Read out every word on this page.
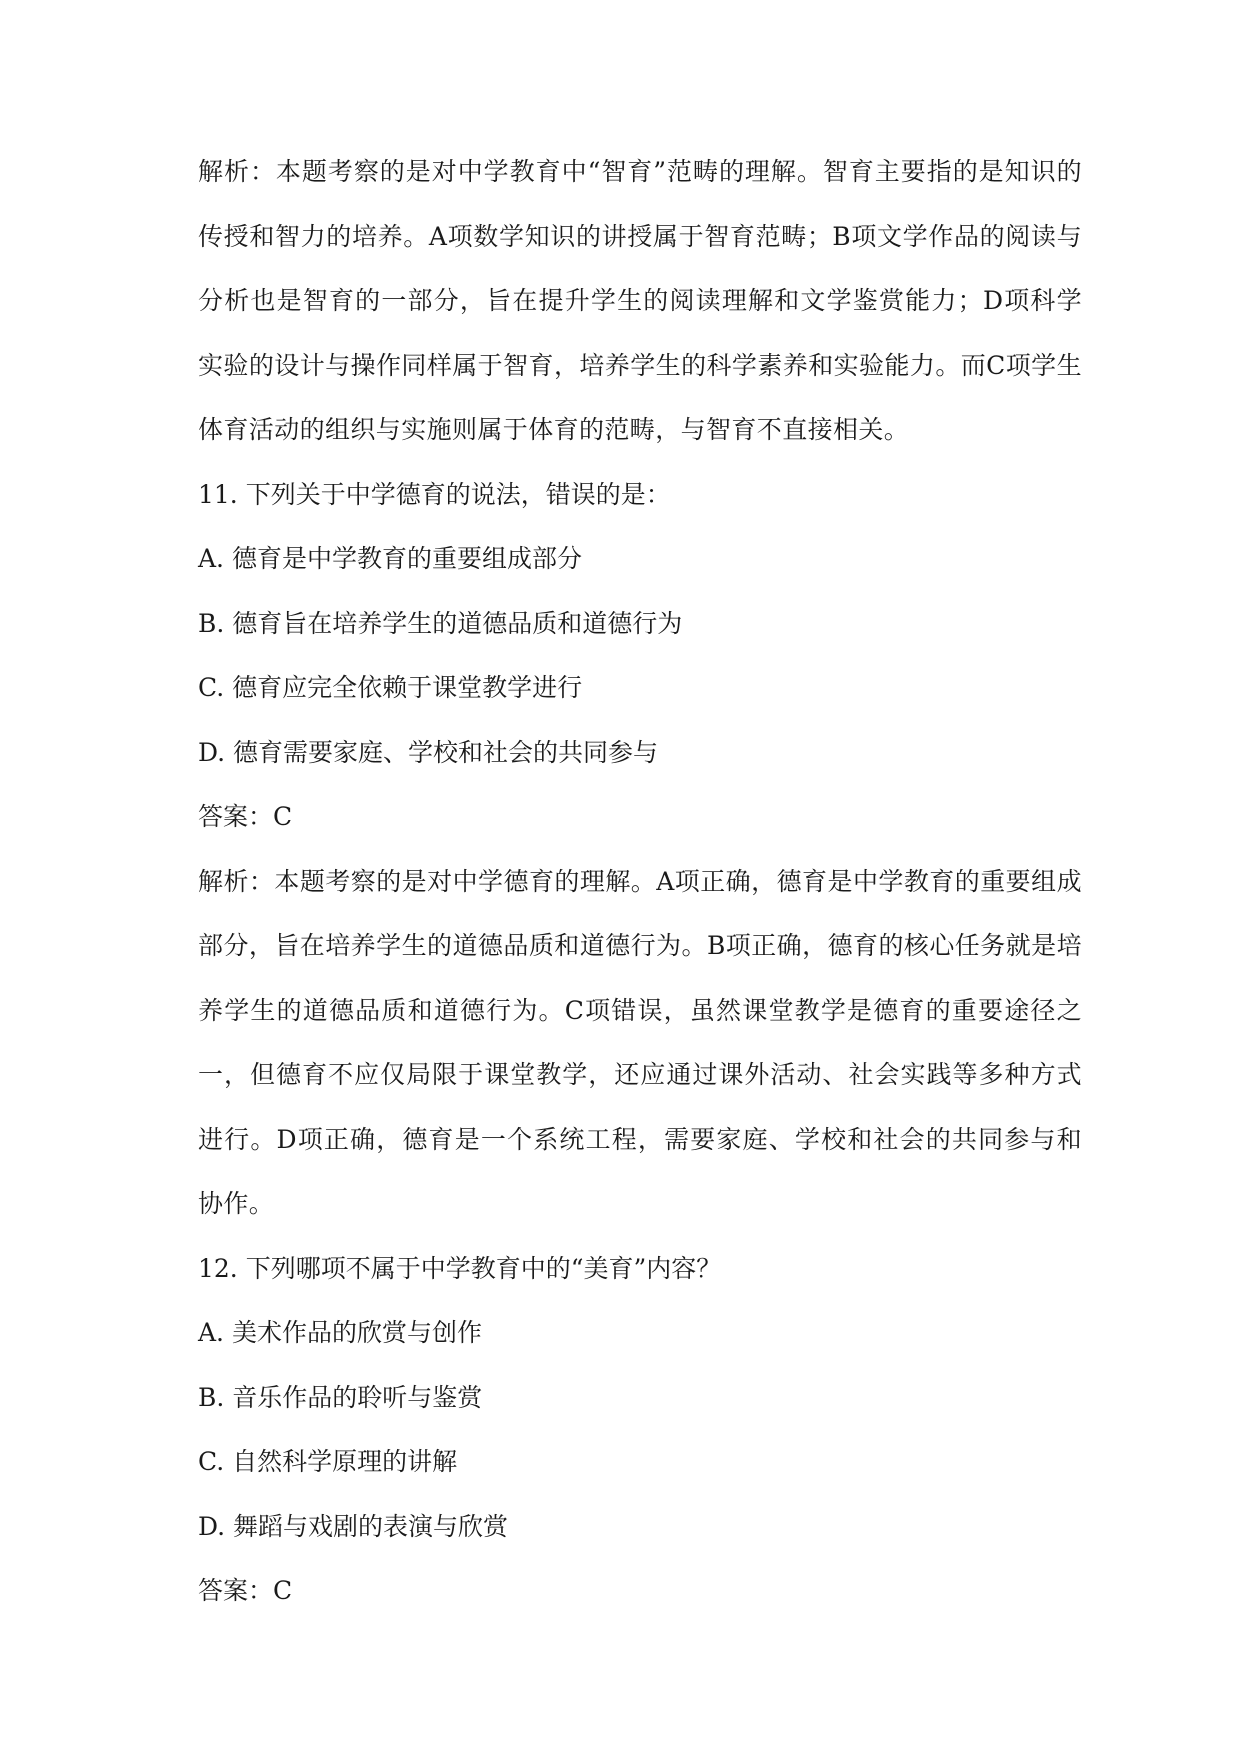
解析：本题考察的是对中学教育中“智育”范畴的理解。智育主要指的是知识的传授和智力的培养。A项数学知识的讲授属于智育范畴；B项文学作品的阅读与分析也是智育的一部分，旨在提升学生的阅读理解和文学鉴赏能力；D项科学实验的设计与操作同样属于智育，培养学生的科学素养和实验能力。而C项学生体育活动的组织与实施则属于体育的范畴，与智育不直接相关。

11. 下列关于中学德育的说法，错误的是：

A. 德育是中学教育的重要组成部分

B. 德育旨在培养学生的道德品质和道德行为

C. 德育应完全依赖于课堂教学进行

D. 德育需要家庭、学校和社会的共同参与

答案：C

解析：本题考察的是对中学德育的理解。A项正确，德育是中学教育的重要组成部分，旨在培养学生的道德品质和道德行为。B项正确，德育的核心任务就是培养学生的道德品质和道德行为。C项错误，虽然课堂教学是德育的重要途径之一，但德育不应仅局限于课堂教学，还应通过课外活动、社会实践等多种方式进行。D项正确，德育是一个系统工程，需要家庭、学校和社会的共同参与和协作。

12. 下列哪项不属于中学教育中的“美育”内容？

A. 美术作品的欣赏与创作

B. 音乐作品的聆听与鉴赏

C. 自然科学原理的讲解

D. 舞蹈与戏剧的表演与欣赏

答案：C
